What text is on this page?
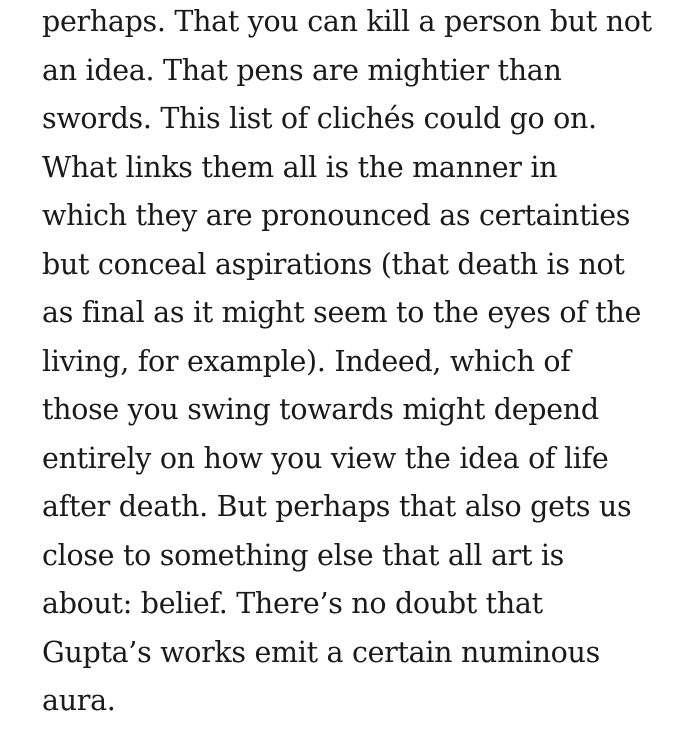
perhaps. That you can kill a person but not
an idea. That pens are mightier than
swords. This list of clichés could go on.
What links them all is the manner in
which they are pronounced as certainties
but conceal aspirations (that death is not
as final as it might seem to the eyes of the
living, for example). Indeed, which of
those you swing towards might depend
entirely on how you view the idea of life
after death. But perhaps that also gets us
close to something else that all art is
about: belief. There’s no doubt that
Gupta’s works emit a certain numinous
aura.
